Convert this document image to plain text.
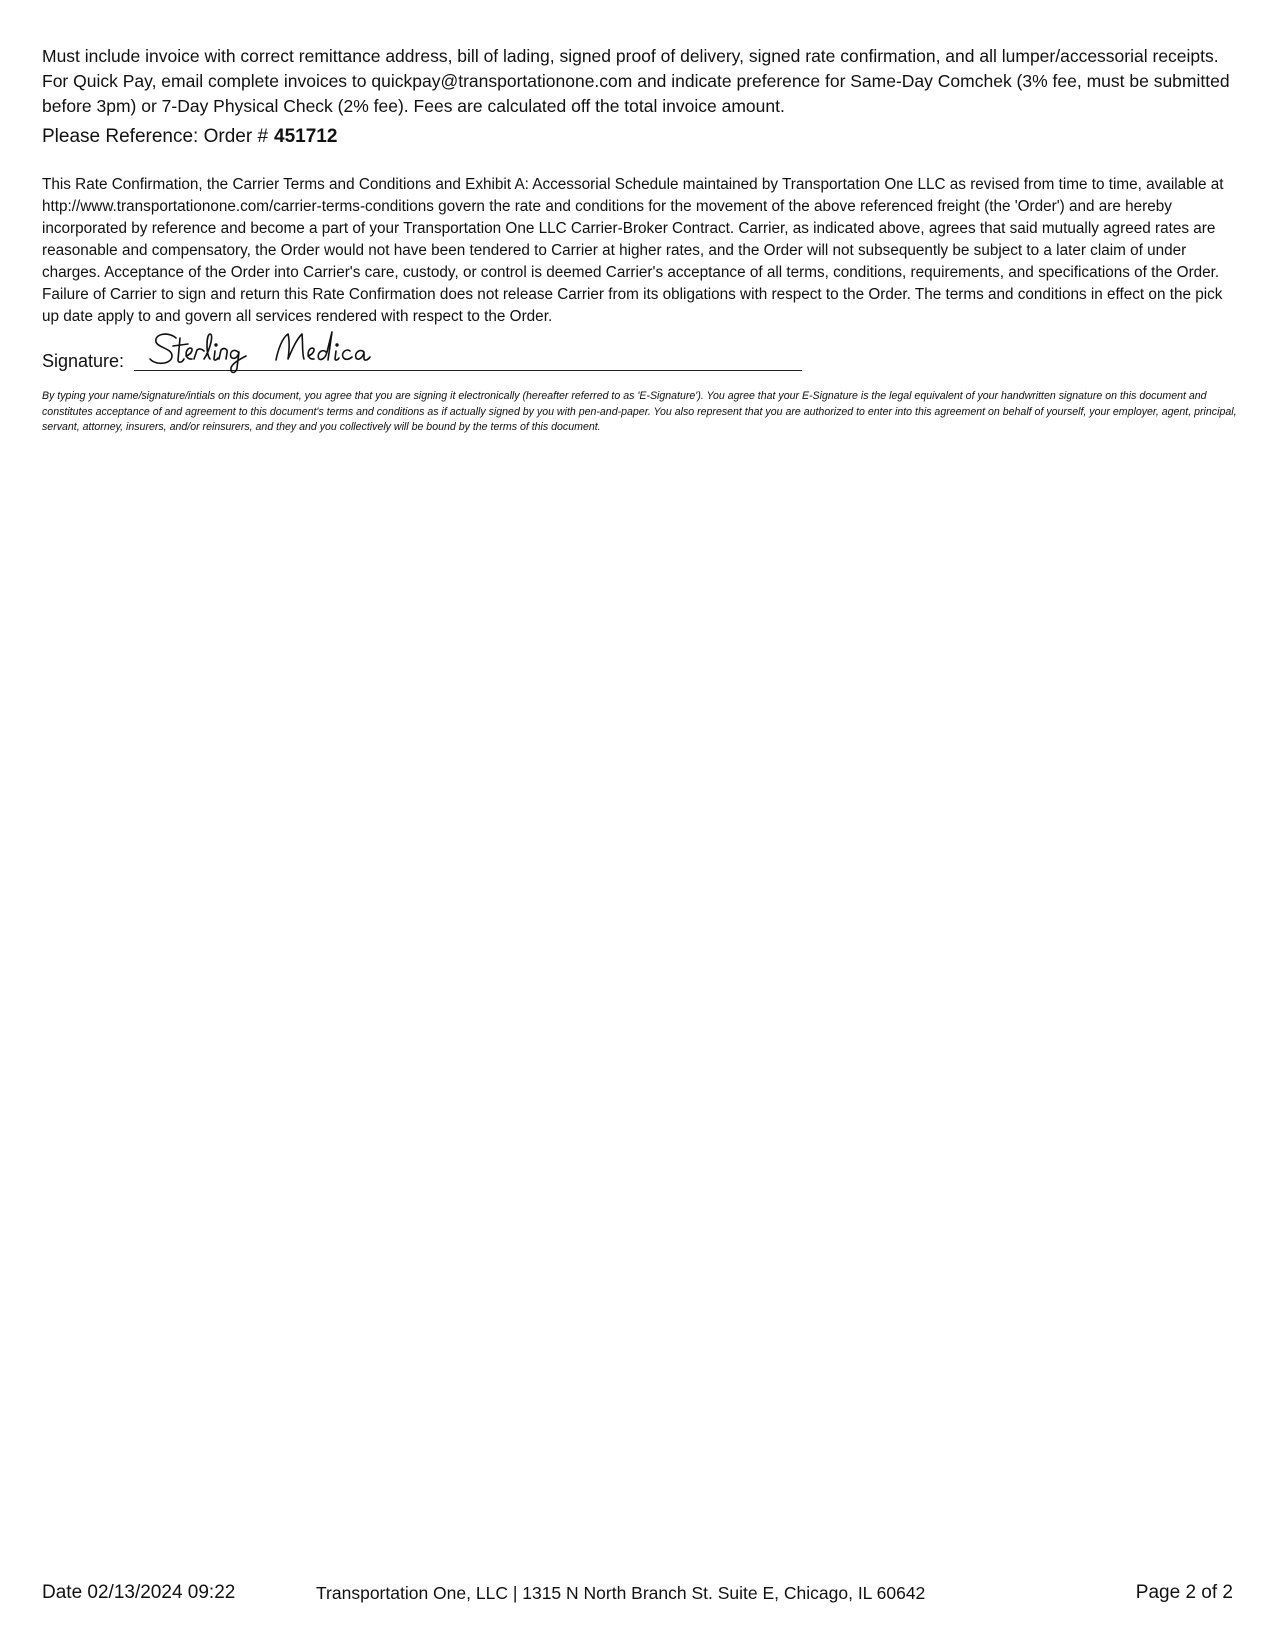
Must include invoice with correct remittance address, bill of lading, signed proof of delivery, signed rate confirmation, and all lumper/accessorial receipts. For Quick Pay, email complete invoices to quickpay@transportationone.com and indicate preference for Same-Day Comchek (3% fee, must be submitted before 3pm) or 7-Day Physical Check (2% fee). Fees are calculated off the total invoice amount.

Please Reference: Order # 451712

This Rate Confirmation, the Carrier Terms and Conditions and Exhibit A: Accessorial Schedule maintained by Transportation One LLC as revised from time to time, available at http://www.transportationone.com/carrier-terms-conditions govern the rate and conditions for the movement of the above referenced freight (the 'Order') and are hereby incorporated by reference and become a part of your Transportation One LLC Carrier-Broker Contract. Carrier, as indicated above, agrees that said mutually agreed rates are reasonable and compensatory, the Order would not have been tendered to Carrier at higher rates, and the Order will not subsequently be subject to a later claim of under charges. Acceptance of the Order into Carrier's care, custody, or control is deemed Carrier's acceptance of all terms, conditions, requirements, and specifications of the Order. Failure of Carrier to sign and return this Rate Confirmation does not release Carrier from its obligations with respect to the Order. The terms and conditions in effect on the pick up date apply to and govern all services rendered with respect to the Order.

Signature:

By typing your name/signature/intials on this document, you agree that you are signing it electronically (hereafter referred to as 'E-Signature'). You agree that your E-Signature is the legal equivalent of your handwritten signature on this document and constitutes acceptance of and agreement to this document's terms and conditions as if actually signed by you with pen-and-paper. You also represent that you are authorized to enter into this agreement on behalf of yourself, your employer, agent, principal, servant, attorney, insurers, and/or reinsurers, and they and you collectively will be bound by the terms of this document.

Date 02/13/2024 09:22	Transportation One, LLC | 1315 N North Branch St. Suite E, Chicago, IL 60642	Page 2 of 2
